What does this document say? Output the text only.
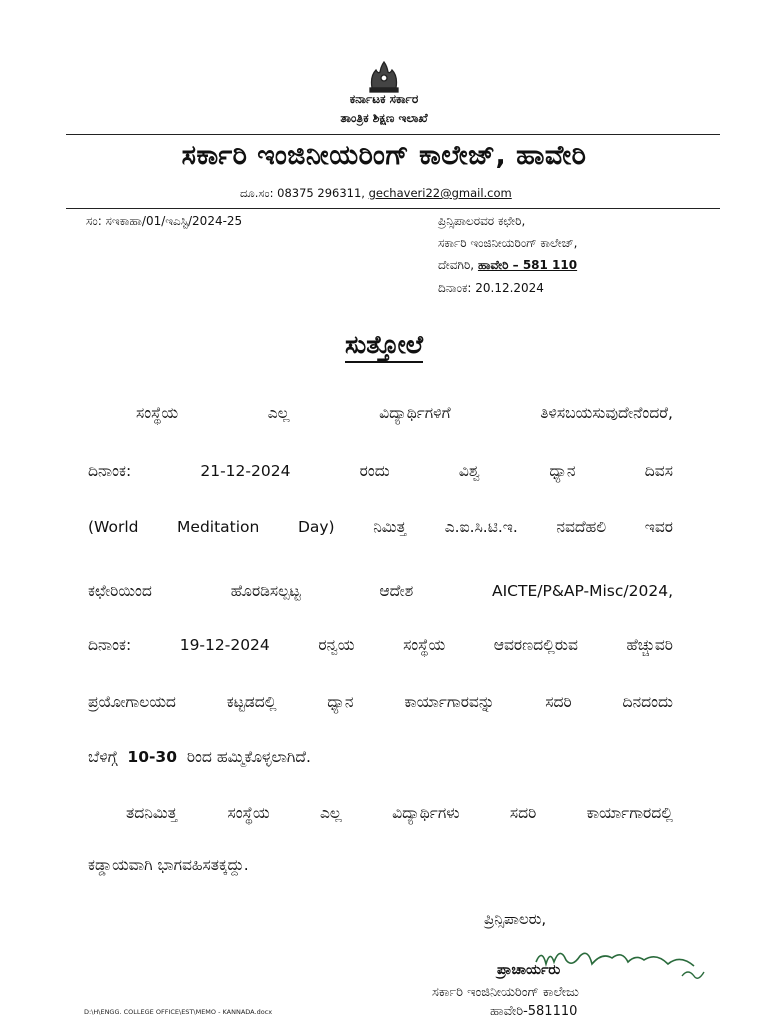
ಕರ್ನಾಟಕ ಸರ್ಕಾರ
ತಾಂತ್ರಿಕ ಶಿಕ್ಷಣ ಇಲಾಖೆ
ಸರ್ಕಾರಿ ಇಂಜಿನೀಯರಿಂಗ್ ಕಾಲೇಜ್, ಹಾವೇರಿ
ದೂ.ಸಂ: 08375 296311, gechaveri22@gmail.com
ಸಂ: ಸಇಕಾಹಾ/01/ಇಎಸ್ಟಿ/2024-25	ಪ್ರಿನ್ಸಿಪಾಲರವರ ಕಛೇರಿ,
ಸರ್ಕಾರಿ ಇಂಜಿನೀಯರಿಂಗ್ ಕಾಲೇಜ್,
ದೇವಗಿರಿ, ಹಾವೇರಿ – 581 110
ದಿನಾಂಕ: 20.12.2024
ಸುತ್ತೋಲೆ
ಸಂಸ್ಥೆಯ	ಎಲ್ಲ	ವಿದ್ಯಾರ್ಥಿಗಳಿಗೆ	ತಿಳಿಸಬಯಸುವುದೇನೆಂದರೆ,
ದಿನಾಂಕ:	21-12-2024	ರಂದು	ವಿಶ್ವ	ಧ್ಯಾನ	ದಿವಸ
(World Meditation Day) ನಿಮಿತ್ತ ಎ.ಐ.ಸಿ.ಟಿ.ಇ. ನವದೆಹಲಿ ಇವರ
ಕಛೇರಿಯಿಂದ	ಹೊರಡಿಸಲ್ಪಟ್ಟ	ಆದೇಶ	AICTE/P&AP-Misc/2024,
ದಿನಾಂಕ:	19-12-2024	ರನ್ವಯ	ಸಂಸ್ಥೆಯ	ಆವರಣದಲ್ಲಿರುವ	ಹೆಚ್ಚುವರಿ
ಪ್ರಯೋಗಾಲಯದ	ಕಟ್ಟಡದಲ್ಲಿ	ಧ್ಯಾನ	ಕಾರ್ಯಾಗಾರವನ್ನು	ಸದರಿ	ದಿನದಂದು
ಬೆಳಿಗ್ಗೆ 10-30 ರಿಂದ ಹಮ್ಮಿಕೊಳ್ಳಲಾಗಿದೆ.
ತದನಿಮಿತ್ತ	ಸಂಸ್ಥೆಯ	ಎಲ್ಲ	ವಿದ್ಯಾರ್ಥಿಗಳು	ಸದರಿ	ಕಾರ್ಯಾಗಾರದಲ್ಲಿ
ಕಡ್ಡಾಯವಾಗಿ ಭಾಗವಹಿಸತಕ್ಕದ್ದು.
ಪ್ರಿನ್ಸಿಪಾಲರು,
ಪ್ರಾಚಾರ್ಯರು
ಸರ್ಕಾರಿ ಇಂಜಿನೀಯರಿಂಗ್ ಕಾಲೇಜು
ಹಾವೇರಿ-581110
D:\H\ENGG. COLLEGE OFFICE\EST\MEMO - KANNADA.docx
